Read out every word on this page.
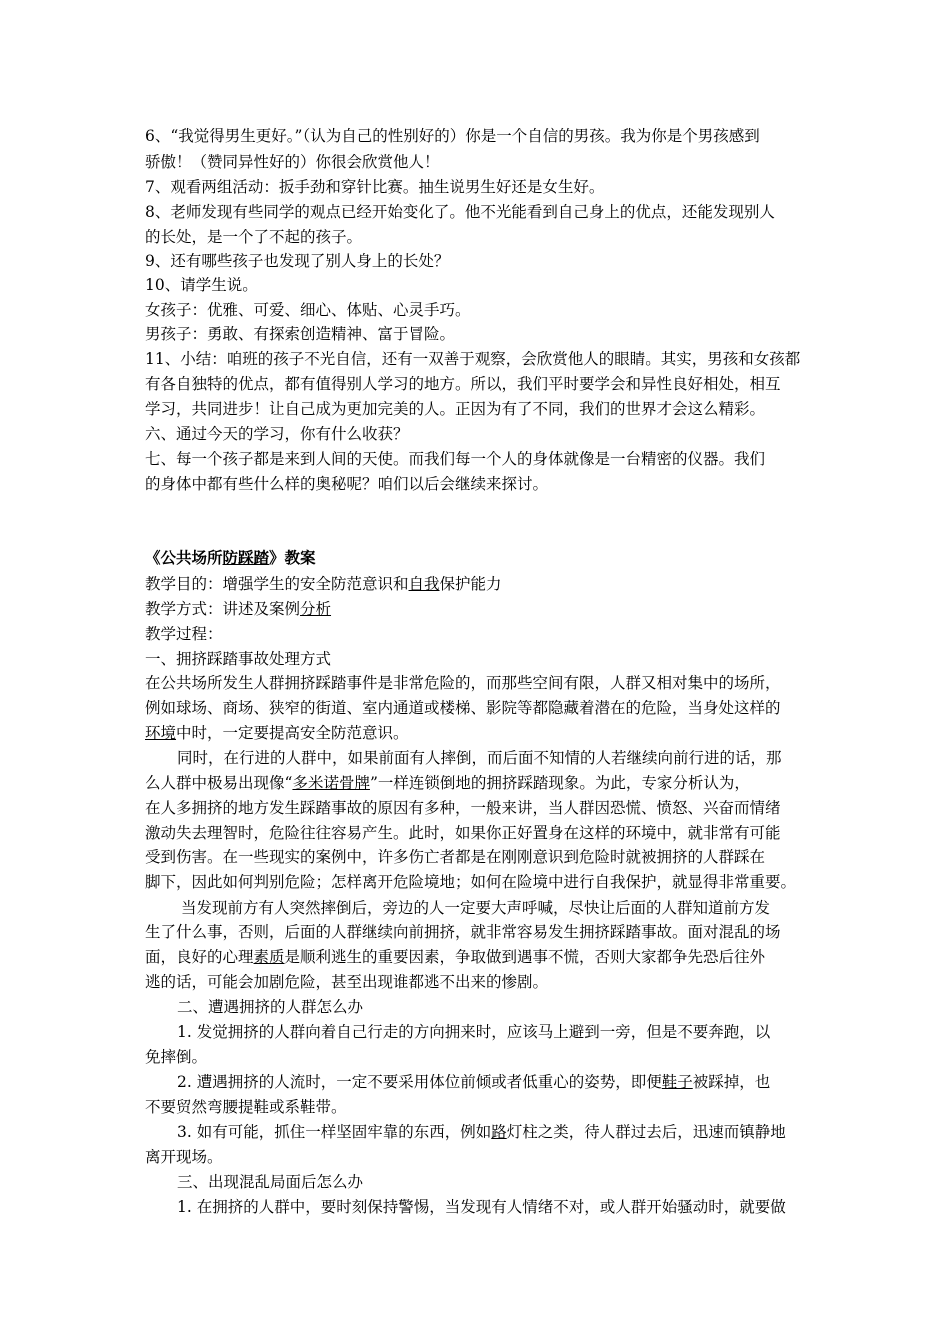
6、“我觉得男生更好。”（认为自己的性别好的）你是一个自信的男孩。我为你是个男孩感到
骄傲！（赞同异性好的）你很会欣赏他人！
7、观看两组活动：扳手劲和穿针比赛。抽生说男生好还是女生好。
8、老师发现有些同学的观点已经开始变化了。他不光能看到自己身上的优点，还能发现别人
的长处，是一个了不起的孩子。
9、还有哪些孩子也发现了别人身上的长处？
10、请学生说。
女孩子：优雅、可爱、细心、体贴、心灵手巧。
男孩子：勇敢、有探索创造精神、富于冒险。
11、小结：咱班的孩子不光自信，还有一双善于观察，会欣赏他人的眼睛。其实，男孩和女孩都
有各自独特的优点，都有值得别人学习的地方。所以，我们平时要学会和异性良好相处，相互
学习，共同进步！让自己成为更加完美的人。正因为有了不同，我们的世界才会这么精彩。
六、通过今天的学习，你有什么收获？
七、每一个孩子都是来到人间的天使。而我们每一个人的身体就像是一台精密的仪器。我们
的身体中都有些什么样的奥秘呢？咱们以后会继续来探讨。
《公共场所防踩踏》教案
教学目的：增强学生的安全防范意识和自我保护能力
教学方式：讲述及案例分析
教学过程：
一、拥挤踩踏事故处理方式
在公共场所发生人群拥挤踩踏事件是非常危险的，而那些空间有限，人群又相对集中的场所，
例如球场、商场、狭窄的街道、室内通道或楼梯、影院等都隐藏着潜在的危险，当身处这样的
环境中时，一定要提高安全防范意识。
同时，在行进的人群中，如果前面有人摔倒，而后面不知情的人若继续向前行进的话，那
么人群中极易出现像“多米诺骨牌”一样连锁倒地的拥挤踩踏现象。为此，专家分析认为，
在人多拥挤的地方发生踩踏事故的原因有多种，一般来讲，当人群因恐慌、愤怒、兴奋而情绪
激动失去理智时，危险往往容易产生。此时，如果你正好置身在这样的环境中，就非常有可能
受到伤害。在一些现实的案例中，许多伤亡者都是在刚刚意识到危险时就被拥挤的人群踩在
脚下，因此如何判别危险；怎样离开危险境地；如何在险境中进行自我保护，就显得非常重要。
当发现前方有人突然摔倒后，旁边的人一定要大声呼喊，尽快让后面的人群知道前方发
生了什么事，否则，后面的人群继续向前拥挤，就非常容易发生拥挤踩踏事故。面对混乱的场
面，良好的心理素质是顺利逃生的重要因素，争取做到遇事不慌，否则大家都争先恐后往外
逃的话，可能会加剧危险，甚至出现谁都逃不出来的惨剧。
二、遭遇拥挤的人群怎么办
1. 发觉拥挤的人群向着自己行走的方向拥来时，应该马上避到一旁，但是不要奔跑，以
免摔倒。
2. 遭遇拥挤的人流时，一定不要采用体位前倾或者低重心的姿势，即便鞋子被踩掉，也
不要贸然弯腰提鞋或系鞋带。
3. 如有可能，抓住一样坚固牢靠的东西，例如路灯柱之类，待人群过去后，迅速而镇静地
离开现场。
三、出现混乱局面后怎么办
1. 在拥挤的人群中，要时刻保持警惕，当发现有人情绪不对，或人群开始骚动时，就要做
